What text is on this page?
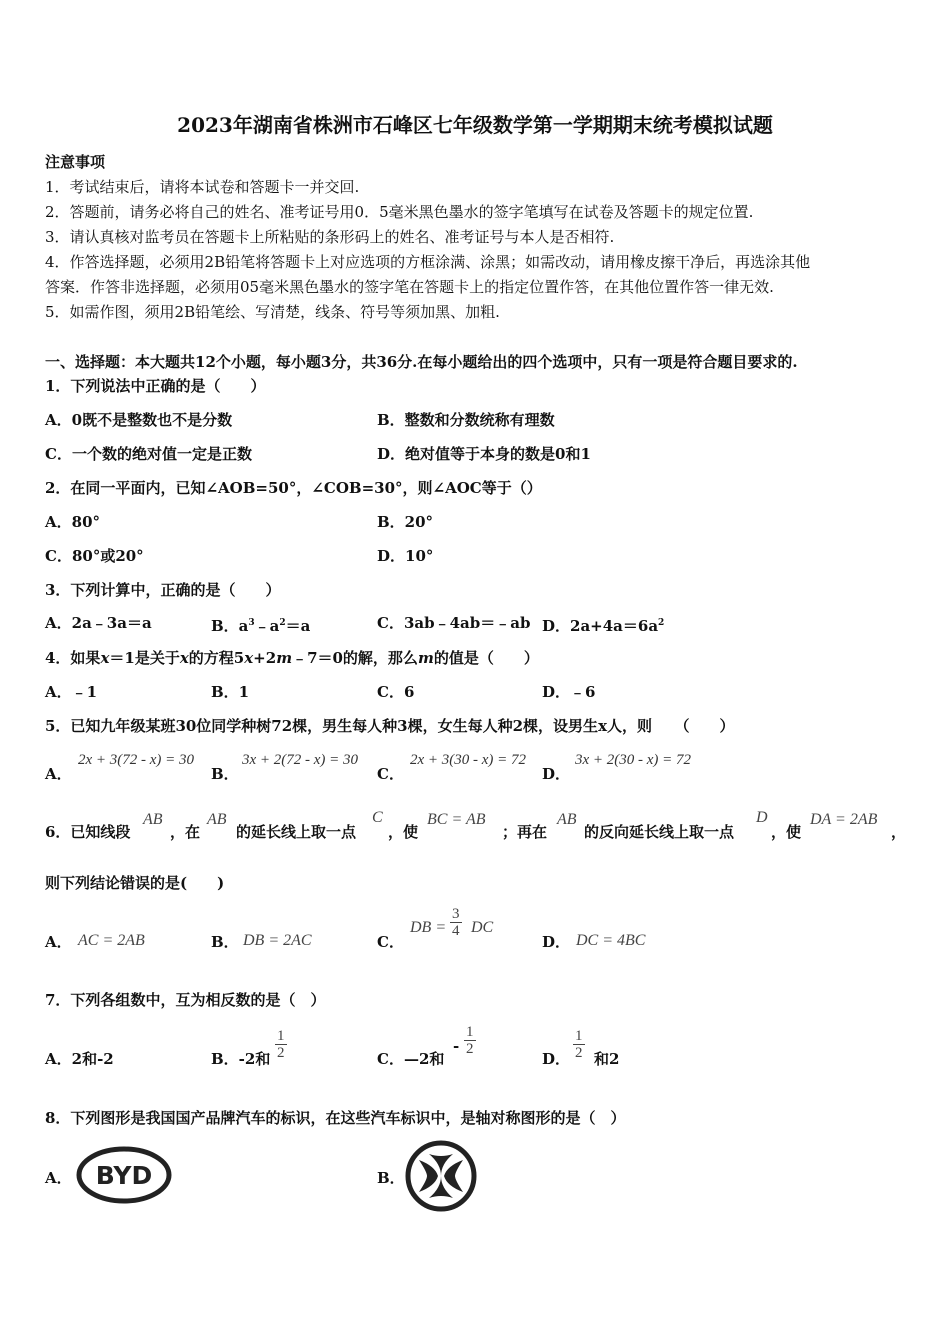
2023年湖南省株洲市石峰区七年级数学第一学期期末统考模拟试题
注意事项
1．考试结束后，请将本试卷和答题卡一并交回.
2．答题前，请务必将自己的姓名、准考证号用0．5毫米黑色墨水的签字笔填写在试卷及答题卡的规定位置.
3．请认真核对监考员在答题卡上所粘贴的条形码上的姓名、准考证号与本人是否相符.
4．作答选择题，必须用2B铅笔将答题卡上对应选项的方框涂满、涂黑；如需改动，请用橡皮擦干净后，再选涂其他
答案．作答非选择题，必须用05毫米黑色墨水的签字笔在答题卡上的指定位置作答，在其他位置作答一律无效.
5．如需作图，须用2B铅笔绘、写清楚，线条、符号等须加黑、加粗.
一、选择题：本大题共12个小题，每小题3分，共36分.在每小题给出的四个选项中，只有一项是符合题目要求的.
1．下列说法中正确的是（　　）
A．0既不是整数也不是分数	B．整数和分数统称有理数
C．一个数的绝对值一定是正数	D．绝对值等于本身的数是0和1
2．在同一平面内，已知∠AOB=50°，∠COB=30°，则∠AOC等于（）
A．80°	B．20°
C．80°或20°	D．10°
3．下列计算中，正确的是（　　）
A．2a﹣3a＝a	B．$a^3﹣a^2=a$	C．3ab﹣4ab＝﹣ab D．$2a+4a=6a^2$
4．如果x＝1是关于x的方程5x+2m﹣7＝0的解，那么m的值是（　　）
A．﹣1	B．1	C．6	D．﹣6
5．已知九年级某班30位同学种树72棵，男生每人种3棵，女生每人种2棵，设男生x人，则　　（　　）
A．
2x + 3(72 - x) = 30
B．
3x + 2(72 - x) = 30
C．
2x + 3(30 - x) = 72
D．
3x + 2(30 - x) = 72
6．已知线段
AB
，在
AB
的延长线上取一点
C
，使
BC = AB
；再在
AB
的反向延长线上取一点
D
，使
DA = 2AB
，
则下列结论错误的是(　　)
A． AC = 2AB	B． DB = 2AC	C．
DB = $\frac{3}{4}$ DC
D． DC = 4BC
7．下列各组数中，互为相反数的是（　）
A．2和-2	B．-2和 $\frac{1}{2}$	C．—2和
- $\frac{1}{2}$
D． $\frac{1}{2}$ 和2
8．下列图形是我国国产品牌汽车的标识，在这些汽车标识中，是轴对称图形的是（　）
A． BYD	B．
